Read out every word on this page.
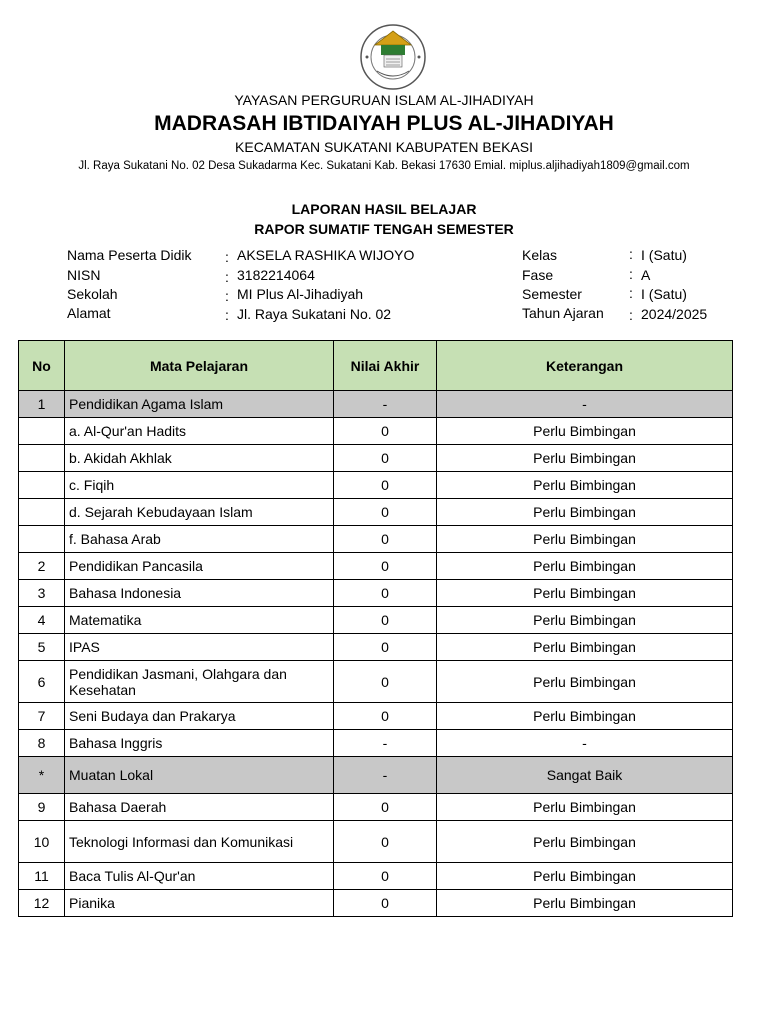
YAYASAN PERGURUAN ISLAM AL-JIHADIYAH
MADRASAH IBTIDAIYAH PLUS AL-JIHADIYAH
KECAMATAN SUKATANI KABUPATEN BEKASI
Jl. Raya Sukatani No. 02 Desa Sukadarma Kec. Sukatani Kab. Bekasi 17630 Emial. miplus.aljihadiyah1809@gmail.com
LAPORAN HASIL BELAJAR
RAPOR SUMATIF TENGAH SEMESTER
Nama Peserta Didik : AKSELA RASHIKA WIJOYO
NISN	: 3182214064
Sekolah	: MI Plus Al-Jihadiyah
Alamat	: Jl. Raya Sukatani No. 02
Kelas	: I (Satu)
Fase	: A
Semester	: I (Satu)
Tahun Ajaran : 2024/2025
No	Mata Pelajaran	Nilai Akhir	Keterangan
1	Pendidikan Agama Islam	-	-
	a. Al-Qur'an Hadits	0	Perlu Bimbingan
	b. Akidah Akhlak	0	Perlu Bimbingan
	c. Fiqih	0	Perlu Bimbingan
	d. Sejarah Kebudayaan Islam	0	Perlu Bimbingan
	f. Bahasa Arab	0	Perlu Bimbingan
2	Pendidikan Pancasila	0	Perlu Bimbingan
3	Bahasa Indonesia	0	Perlu Bimbingan
4	Matematika	0	Perlu Bimbingan
5	IPAS	0	Perlu Bimbingan
6	Pendidikan Jasmani, Olahgara dan Kesehatan	0	Perlu Bimbingan
7	Seni Budaya dan Prakarya	0	Perlu Bimbingan
8	Bahasa Inggris	-	-
*	Muatan Lokal	-	Sangat Baik
9	Bahasa Daerah	0	Perlu Bimbingan
10	Teknologi Informasi dan Komunikasi	0	Perlu Bimbingan
11	Baca Tulis Al-Qur'an	0	Perlu Bimbingan
12	Pianika	0	Perlu Bimbingan
